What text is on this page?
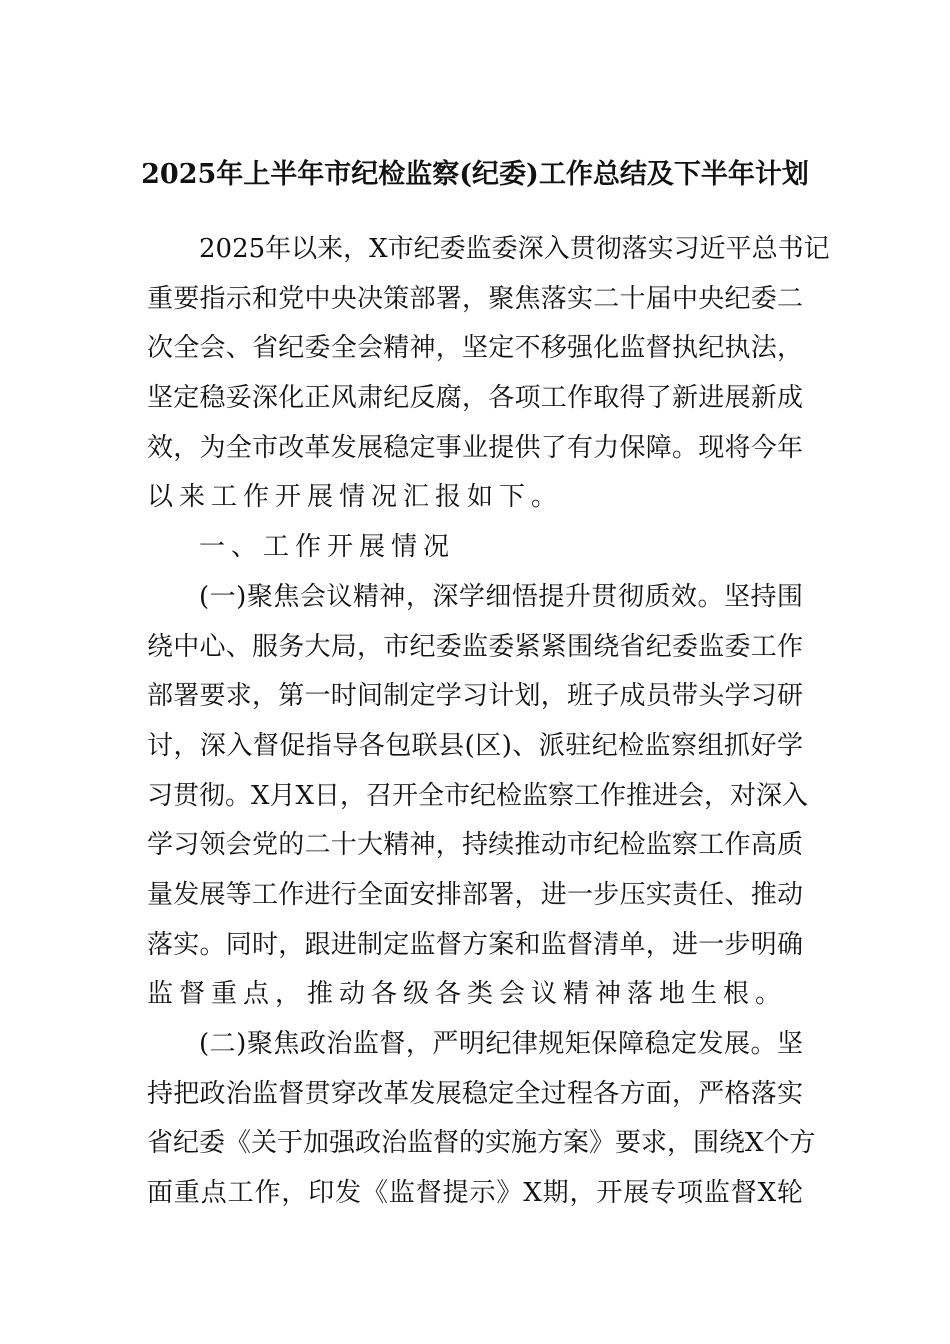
2025年上半年市纪检监察(纪委)工作总结及下半年计划
2025年以来，X市纪委监委深入贯彻落实习近平总书记
重要指示和党中央决策部署，聚焦落实二十届中央纪委二
次全会、省纪委全会精神，坚定不移强化监督执纪执法，
坚定稳妥深化正风肃纪反腐，各项工作取得了新进展新成
效，为全市改革发展稳定事业提供了有力保障。现将今年
以来工作开展情况汇报如下。
一、工作开展情况
(一)聚焦会议精神，深学细悟提升贯彻质效。坚持围
绕中心、服务大局，市纪委监委紧紧围绕省纪委监委工作
部署要求，第一时间制定学习计划，班子成员带头学习研
讨，深入督促指导各包联县(区)、派驻纪检监察组抓好学
习贯彻。X月X日，召开全市纪检监察工作推进会，对深入
学习领会党的二十大精神，持续推动市纪检监察工作高质
量发展等工作进行全面安排部署，进一步压实责任、推动
落实。同时，跟进制定监督方案和监督清单，进一步明确
监督重点，推动各级各类会议精神落地生根。
(二)聚焦政治监督，严明纪律规矩保障稳定发展。坚
持把政治监督贯穿改革发展稳定全过程各方面，严格落实
省纪委《关于加强政治监督的实施方案》要求，围绕X个方
面重点工作，印发《监督提示》X期，开展专项监督X轮
